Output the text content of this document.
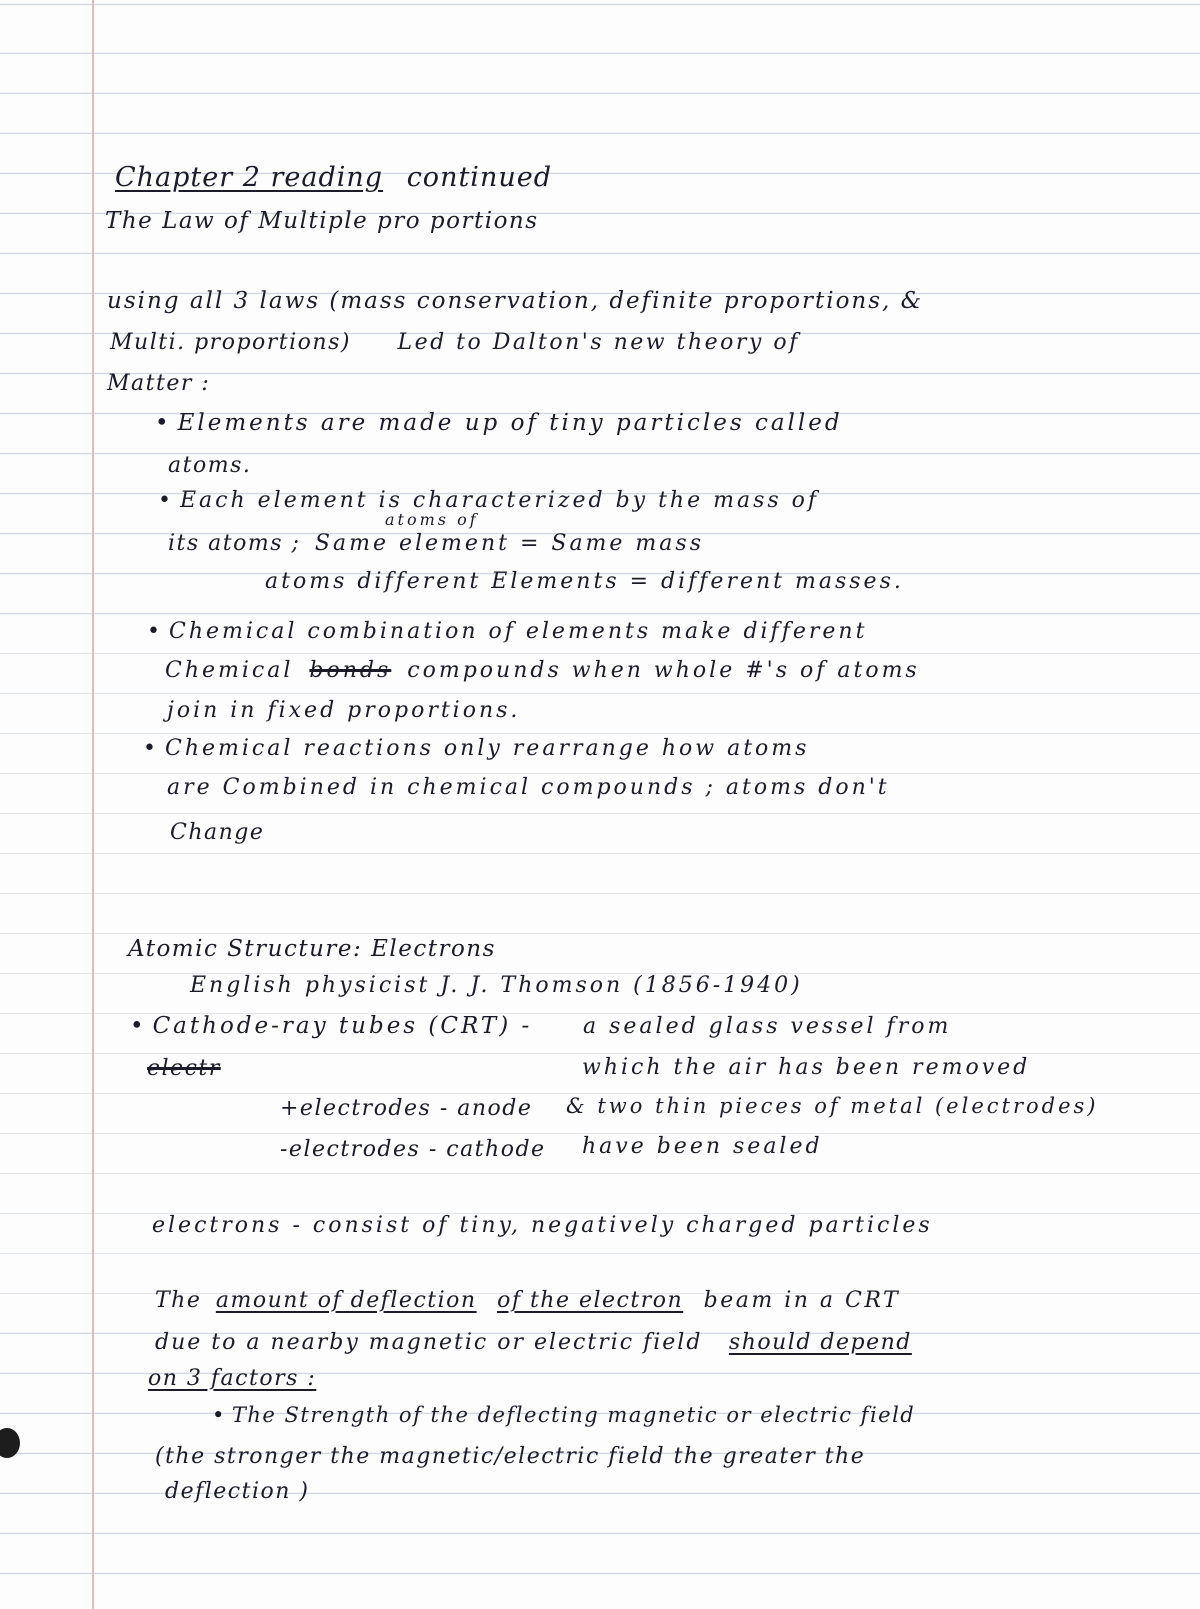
Chapter 2 reading continued

The Law of Multiple pro portions

using all 3 laws (mass conservation, definite proportions, &

Multi. proportions) Led to Dalton's new theory of

Matter :

• Elements are made up of tiny particles called

atoms.

• Each element is characterized by the mass of

atoms of

its atoms ; Same element = Same mass

atoms different Elements = different masses.

• Chemical combination of elements make different

Chemical bonds compounds when whole #'s of atoms

join in fixed proportions.

• Chemical reactions only rearrange how atoms

are Combined in chemical compounds ; atoms don't

Change

Atomic Structure: Electrons

English physicist J. J. Thomson (1856-1940)

• Cathode-ray tubes (CRT) - a sealed glass vessel from

electr	which the air has been removed

+electrodes - anode & two thin pieces of metal (electrodes)

-electrodes - cathode have been sealed

electrons - consist of tiny, negatively charged particles

The amount of deflection of the electron beam in a CRT

due to a nearby magnetic or electric field should depend

on 3 factors :

• The Strength of the deflecting magnetic or electric field

(the stronger the magnetic/electric field the greater the

deflection )
